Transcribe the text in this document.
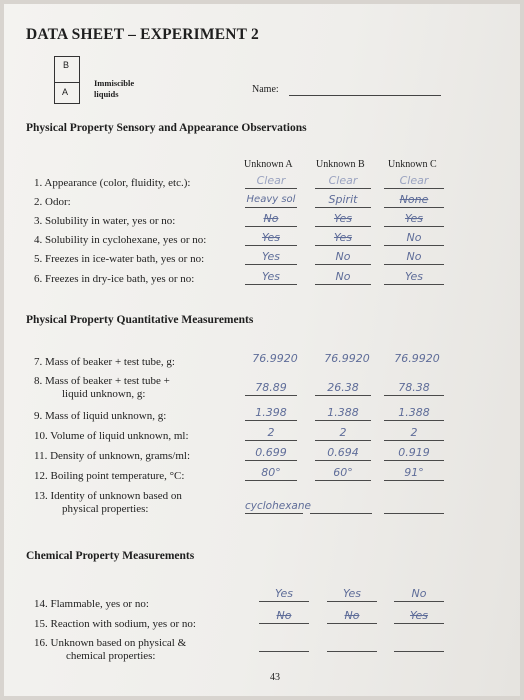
DATA SHEET – EXPERIMENT 2
B
A
Immiscible
liquids	Name:
Physical Property Sensory and Appearance Observations
Unknown A Unknown B Unknown C
1. Appearance (color, fluidity, etc.):	Clear	Clear	Clear
2. Odor:	Heavy sol	Spirit	None
3. Solubility in water, yes or no:	No	Yes	Yes
4. Solubility in cyclohexane, yes or no:	Yes	Yes	No
5. Freezes in ice-water bath, yes or no:	Yes	No	No
6. Freezes in dry-ice bath, yes or no:	Yes	No	Yes
Physical Property Quantitative Measurements
7. Mass of beaker + test tube, g:	76.9920	76.9920	76.9920
8. Mass of beaker + test tube +
liquid unknown, g:	78.89	26.38	78.38
9. Mass of liquid unknown, g:	1.398	1.388	1.388
10. Volume of liquid unknown, ml:	2	2	2
11. Density of unknown, grams/ml:	0.699	0.694	0.919
12. Boiling point temperature, °C:	80°	60°	91°
13. Identity of unknown based on
physical properties:	cyclohexane
Chemical Property Measurements
14. Flammable, yes or no:
Yes	Yes	No
15. Reaction with sodium, yes or no:
No	No	Yes
16. Unknown based on physical &
chemical properties:
43
